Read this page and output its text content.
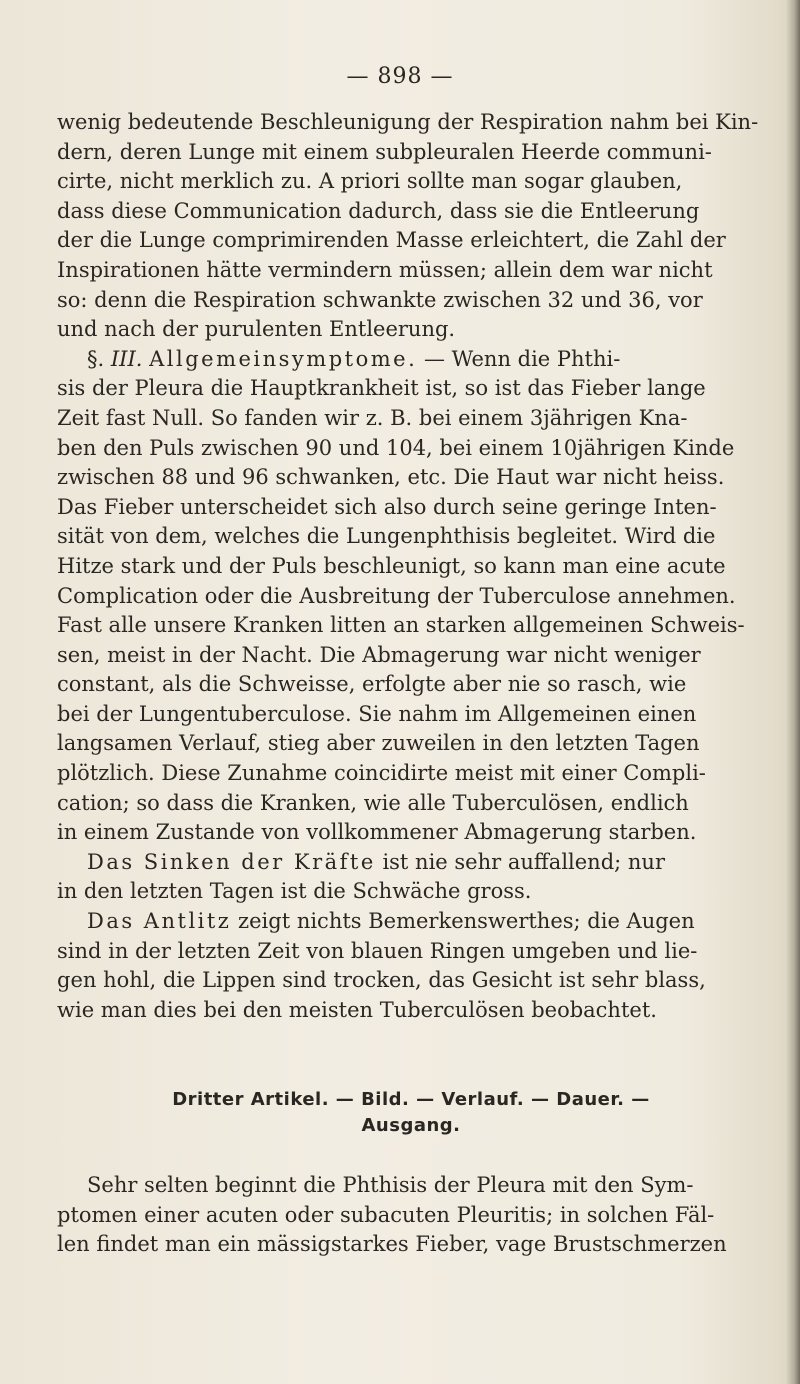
— 898 —
wenig bedeutende Beschleunigung der Respiration nahm bei Kin-
dern, deren Lunge mit einem subpleuralen Heerde communi-
cirte, nicht merklich zu. A priori sollte man sogar glauben,
dass diese Communication dadurch, dass sie die Entleerung
der die Lunge comprimirenden Masse erleichtert, die Zahl der
Inspirationen hätte vermindern müssen; allein dem war nicht
so: denn die Respiration schwankte zwischen 32 und 36, vor
und nach der purulenten Entleerung.
§. III. Allgemeinsymptome. — Wenn die Phthi-
sis der Pleura die Hauptkrankheit ist, so ist das Fieber lange
Zeit fast Null. So fanden wir z. B. bei einem 3jährigen Kna-
ben den Puls zwischen 90 und 104, bei einem 10jährigen Kinde
zwischen 88 und 96 schwanken, etc. Die Haut war nicht heiss.
Das Fieber unterscheidet sich also durch seine geringe Inten-
sität von dem, welches die Lungenphthisis begleitet. Wird die
Hitze stark und der Puls beschleunigt, so kann man eine acute
Complication oder die Ausbreitung der Tuberculose annehmen.
Fast alle unsere Kranken litten an starken allgemeinen Schweis-
sen, meist in der Nacht. Die Abmagerung war nicht weniger
constant, als die Schweisse, erfolgte aber nie so rasch, wie
bei der Lungentuberculose. Sie nahm im Allgemeinen einen
langsamen Verlauf, stieg aber zuweilen in den letzten Tagen
plötzlich. Diese Zunahme coincidirte meist mit einer Compli-
cation; so dass die Kranken, wie alle Tuberculösen, endlich
in einem Zustande von vollkommener Abmagerung starben.
Das Sinken der Kräfte ist nie sehr auffallend; nur
in den letzten Tagen ist die Schwäche gross.
Das Antlitz zeigt nichts Bemerkenswerthes; die Augen
sind in der letzten Zeit von blauen Ringen umgeben und lie-
gen hohl, die Lippen sind trocken, das Gesicht ist sehr blass,
wie man dies bei den meisten Tuberculösen beobachtet.
Dritter Artikel. — Bild. — Verlauf. — Dauer. —
Ausgang.
Sehr selten beginnt die Phthisis der Pleura mit den Sym-
ptomen einer acuten oder subacuten Pleuritis; in solchen Fäl-
len findet man ein mässigstarkes Fieber, vage Brustschmerzen
